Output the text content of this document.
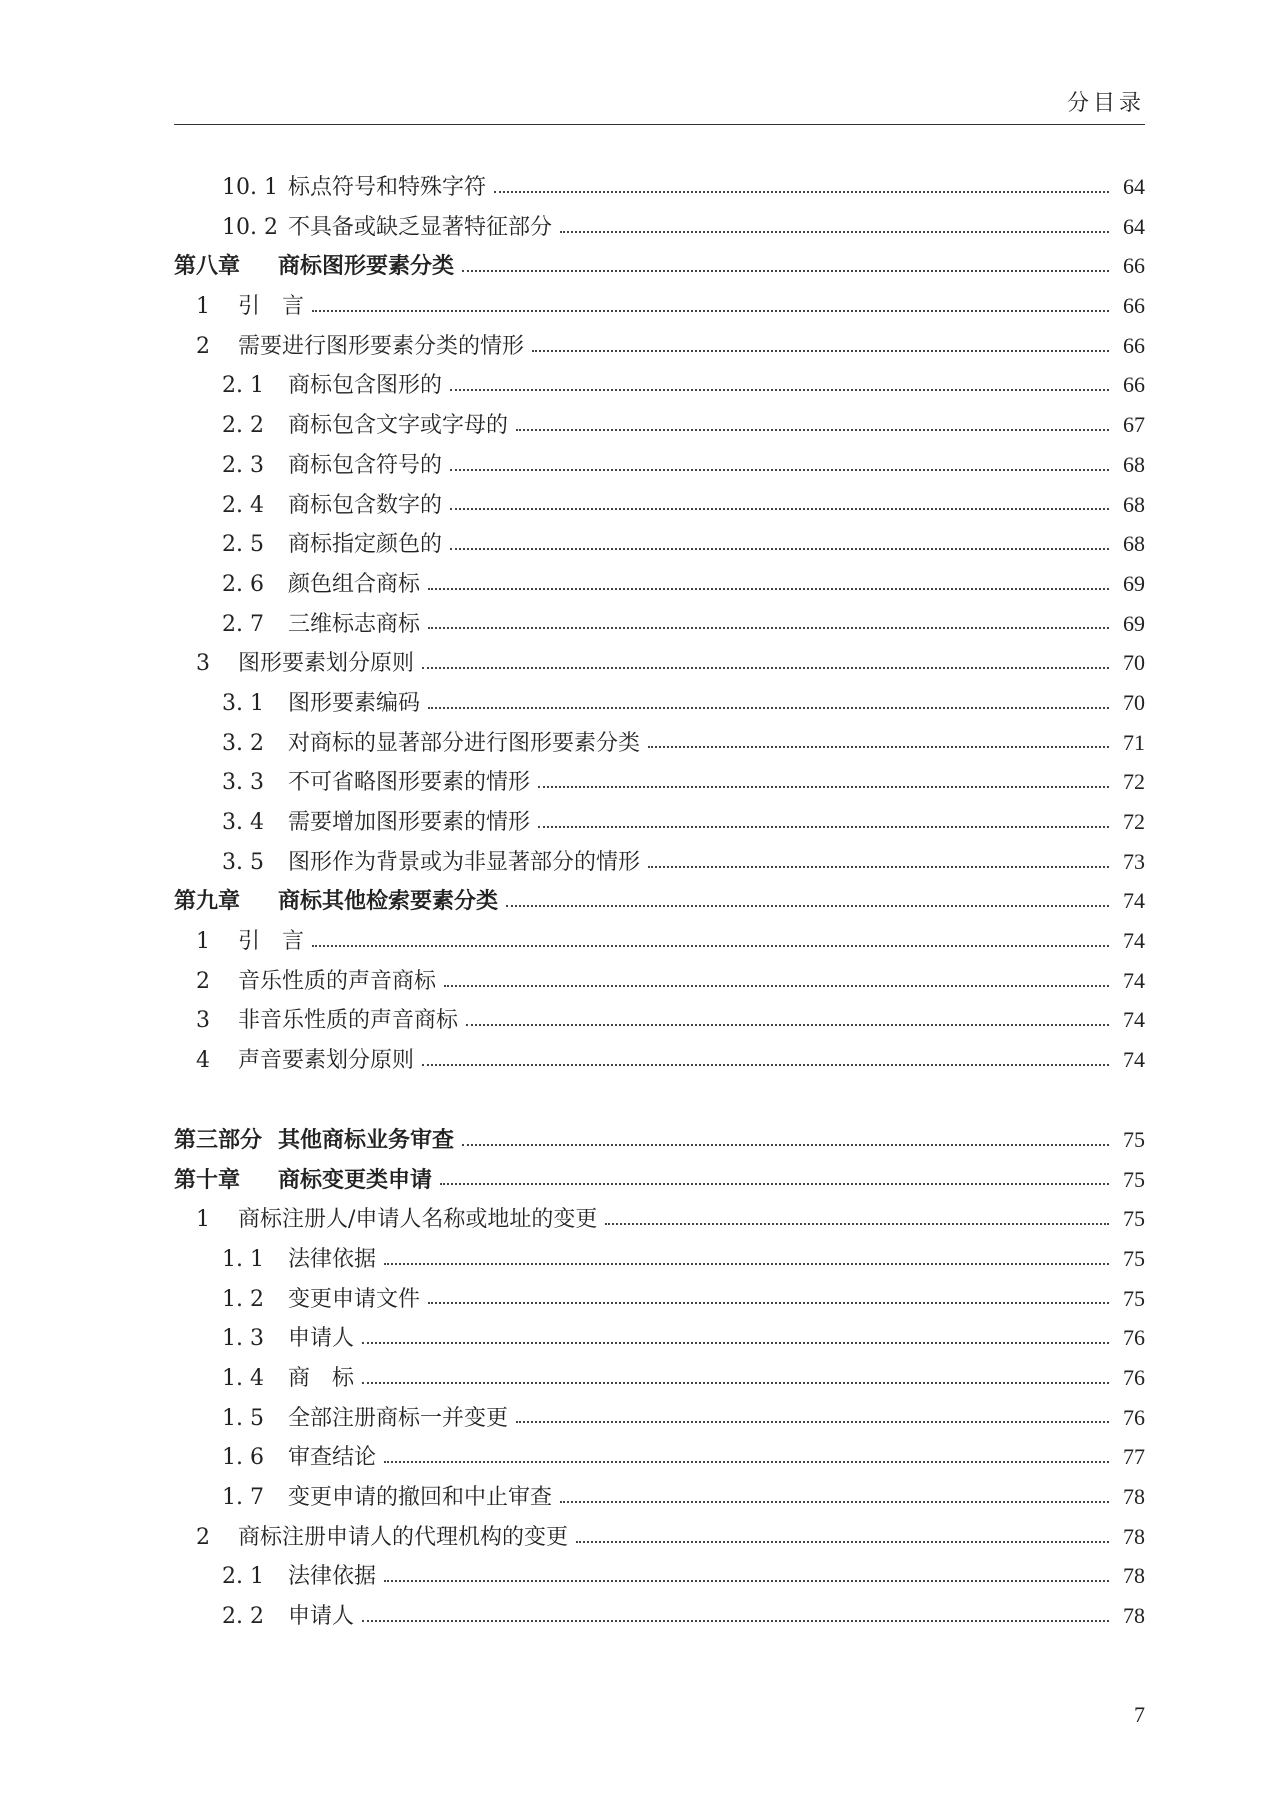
分目录
10. 1 标点符号和特殊字符	64
10. 2 不具备或缺乏显著特征部分	64
第八章	商标图形要素分类	66
1	引　言	66
2	需要进行图形要素分类的情形	66
2. 1	商标包含图形的	66
2. 2	商标包含文字或字母的	67
2. 3	商标包含符号的	68
2. 4	商标包含数字的	68
2. 5	商标指定颜色的	68
2. 6	颜色组合商标	69
2. 7	三维标志商标	69
3	图形要素划分原则	70
3. 1	图形要素编码	70
3. 2	对商标的显著部分进行图形要素分类	71
3. 3	不可省略图形要素的情形	72
3. 4	需要增加图形要素的情形	72
3. 5	图形作为背景或为非显著部分的情形	73
第九章	商标其他检索要素分类	74
1	引　言	74
2	音乐性质的声音商标	74
3	非音乐性质的声音商标	74
4	声音要素划分原则	74
第三部分 其他商标业务审查	75
第十章	商标变更类申请	75
1	商标注册人/申请人名称或地址的变更	75
1. 1	法律依据	75
1. 2	变更申请文件	75
1. 3	申请人	76
1. 4	商　标	76
1. 5	全部注册商标一并变更	76
1. 6	审查结论	77
1. 7	变更申请的撤回和中止审查	78
2	商标注册申请人的代理机构的变更	78
2. 1	法律依据	78
2. 2	申请人	78
7
